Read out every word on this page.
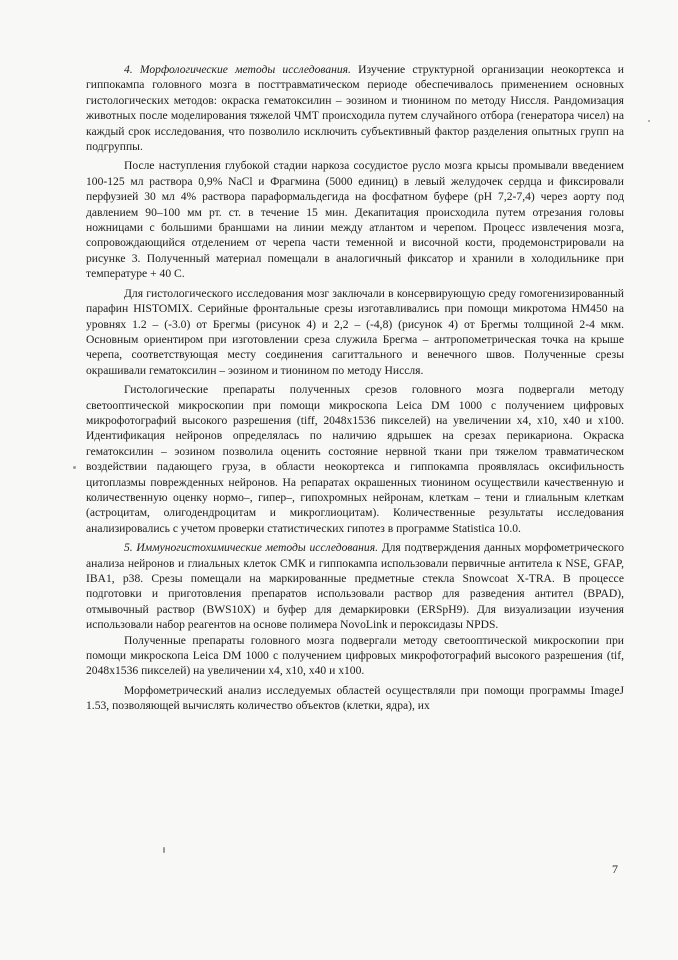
4. Морфологические методы исследования. Изучение структурной организации неокортекса и гиппокампа головного мозга в посттравматическом периоде обеспечивалось применением основных гистологических методов: окраска гематоксилин – эозином и тионином по методу Ниссля. Рандомизация животных после моделирования тяжелой ЧМТ происходила путем случайного отбора (генератора чисел) на каждый срок исследования, что позволило исключить субъективный фактор разделения опытных групп на подгруппы.

После наступления глубокой стадии наркоза сосудистое русло мозга крысы промывали введением 100-125 мл раствора 0,9% NaCl и Фрагмина (5000 единиц) в левый желудочек сердца и фиксировали перфузией 30 мл 4% раствора параформальдегида на фосфатном буфере (pH 7,2-7,4) через аорту под давлением 90–100 мм рт. ст. в течение 15 мин. Декапитация происходила путем отрезания головы ножницами с большими браншами на линии между атлантом и черепом. Процесс извлечения мозга, сопровождающийся отделением от черепа части теменной и височной кости, продемонстрировали на рисунке 3. Полученный материал помещали в аналогичный фиксатор и хранили в холодильнике при температуре + 40 С.

Для гистологического исследования мозг заключали в консервирующую среду гомогенизированный парафин HISTOMIX. Серийные фронтальные срезы изготавливались при помощи микротома HM450 на уровнях 1.2 – (-3.0) от Брегмы (рисунок 4) и 2,2 – (-4,8) (рисунок 4) от Брегмы толщиной 2-4 мкм. Основным ориентиром при изготовлении среза служила Брегма – антропометрическая точка на крыше черепа, соответствующая месту соединения сагиттального и венечного швов. Полученные срезы окрашивали гематоксилин – эозином и тионином по методу Ниссля.

Гистологические препараты полученных срезов головного мозга подвергали методу светооптической микроскопии при помощи микроскопа Leica DM 1000 с получением цифровых микрофотографий высокого разрешения (tiff, 2048x1536 пикселей) на увеличении x4, x10, x40 и x100. Идентификация нейронов определялась по наличию ядрышек на срезах перикариона. Окраска гематоксилин – эозином позволила оценить состояние нервной ткани при тяжелом травматическом воздействии падающего груза, в области неокортекса и гиппокампа проявлялась оксифильность цитоплазмы поврежденных нейронов. На репаратах окрашенных тионином осуществили качественную и количественную оценку нормо–, гипер–, гипохромных нейронам, клеткам – тени и глиальным клеткам (астроцитам, олигодендроцитам и микроглиоцитам). Количественные результаты исследования анализировались с учетом проверки статистических гипотез в программе Statistica 10.0.

5. Иммуногистохимические методы исследования. Для подтверждения данных морфометрического анализа нейронов и глиальных клеток СМК и гиппокампа использовали первичные антитела к NSE, GFAP, IBA1, p38. Срезы помещали на маркированные предметные стекла Snowcoat X-TRA. В процессе подготовки и приготовления препаратов использовали раствор для разведения антител (BPAD), отмывочный раствор (BWS10X) и буфер для демаркировки (ERSpH9). Для визуализации изучения использовали набор реагентов на основе полимера NovoLink и пероксидазы NPDS.

Полученные препараты головного мозга подвергали методу светооптической микроскопии при помощи микроскопа Leica DM 1000 с получением цифровых микрофотографий высокого разрешения (tif, 2048x1536 пикселей) на увеличении x4, x10, x40 и x100.

Морфометрический анализ исследуемых областей осуществляли при помощи программы ImageJ 1.53, позволяющей вычислять количество объектов (клетки, ядра), их

7
